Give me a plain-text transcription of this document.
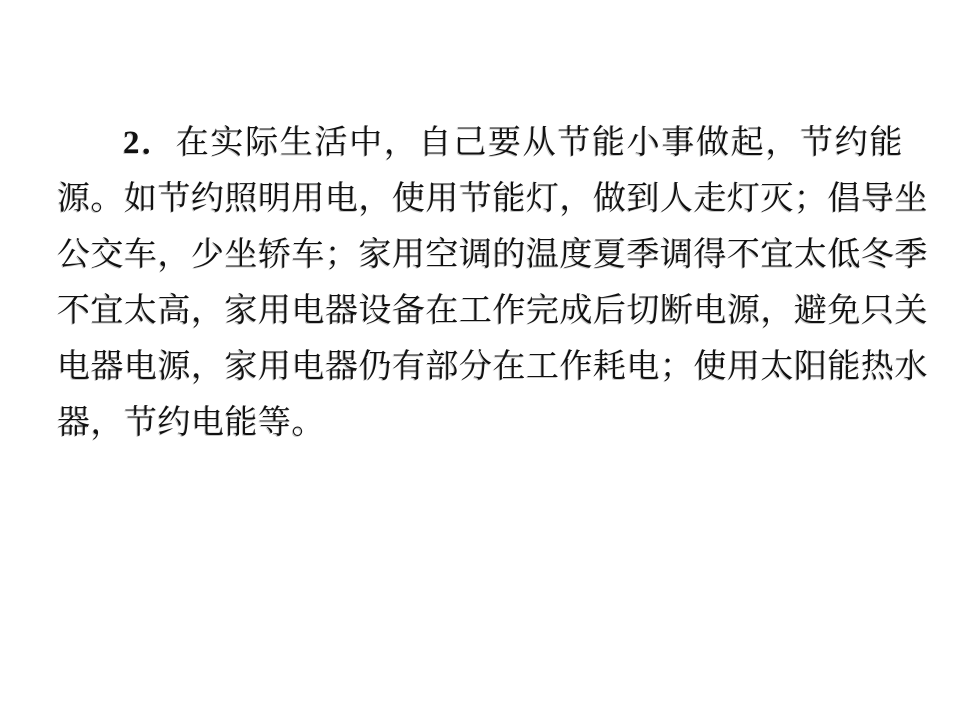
2．在实际生活中，自己要从节能小事做起，节约能
源。如节约照明用电，使用节能灯，做到人走灯灭；倡导坐
公交车，少坐轿车；家用空调的温度夏季调得不宜太低冬季
不宜太高，家用电器设备在工作完成后切断电源，避免只关
电器电源，家用电器仍有部分在工作耗电；使用太阳能热水
器，节约电能等。
